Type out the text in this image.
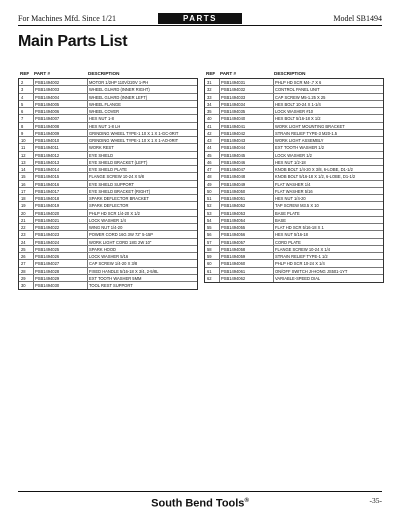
For Machines Mfd. Since 1/21	PARTS	Model SB1494
Main Parts List
REF PART #	DESCRIPTION
2	PSB1494002	MOTOR 1/2HP 110V/220V 1-PH
3	PSB1494003	WHEEL GUARD (INNER RIGHT)
4	PSB1494004	WHEEL GUARD (INNER LEFT)
5	PSB1494005	WHEEL FLANGE
6	PSB1494006	WHEEL COVER
7	PSB1494007	HEX NUT 1-8
8	PSB1494008	HEX NUT 1-8 LH
9	PSB1494009	GRINDING WHEEL TYPE-1 10 X 1 X 1-GC-0RIT
10 PSB1494010	GRINDING WHEEL TYPE-1 10 X 1 X 1-AO-0RIT
11 PSB1494011	WORK REST
12 PSB1494012	EYE SHIELD
13 PSB1494013	EYE SHIELD BRACKET (LEFT)
14 PSB1494014	EYE SHIELD PLATE
15 PSB1494015	FLANGE SCREW 10-24 X 5/8
16 PSB1494016	EYE SHIELD SUPPORT
17 PSB1494017	EYE SHIELD BRACKET (RIGHT)
18 PSB1494018	SPARK DEFLECTOR BRACKET
19 PSB1494019	SPARK DEFLECTOR
20 PSB1494020	PHLP HD SCR 1/4-20 X 1/2
21 PSB1494021	LOCK WASHER 1/4
22 PSB1494022	WING NUT 1/4-20
23 PSB1494023	POWER CORD 16G 3W 72" 5-15P
24 PSB1494024	WORK LIGHT CORD 18G 2W 10"
25 PSB1494025	SPARK HOOD
26 PSB1494026	LOCK WASHER 5/16
27 PSB1494027	CAP SCREW 1/4-20 X 3/8
28 PSB1494028	FIXED HANDLE 5/16-18 X 3/4, 2-5/8L
29 PSB1494029	EXT TOOTH WASHER 5MM
30 PSB1494030	TOOL REST SUPPORT
REF PART #	DESCRIPTION
31 PSB1494031	PHLP HD SCR M4-.7 X 6
32 PSB1494032	CONTROL PANEL UNIT
33 PSB1494033	CAP SCREW M5-1.25 X 25
34 PSB1494034	HEX BOLT 10-24 X 1-1/4
35 PSB1494035	LOCK WASHER #10
40 PSB1494040	HEX BOLT 5/16-18 X 1/2
41 PSB1494041	WORK LIGHT MOUNTING BRACKET
42 PSB1494042	STRAIN RELIEF TYPE-3 M20-1.5
43 PSB1494043	WORK LIGHT ASSEMBLY
44 PSB1494044	EXT TOOTH WASHER 1/2
45 PSB1494045	LOCK WASHER 1/2
46 PSB1494046	HEX NUT 1/2-18
47 PSB1494047	KNOB BOLT 1/4-20 X 3/8, 6-LOBE, D1-1/2
48 PSB1494048	KNOB BOLT 5/16-18 X 1/2, 6-LOBE, D1-1/2
49 PSB1494049	FLAT WASHER 1/4
50 PSB1494050	FLAT WASHER 5/16
51 PSB1494051	HEX NUT 1/4-20
52 PSB1494052	TAP SCREW M3.5 X 10
53 PSB1494053	BASE PLATE
54 PSB1494054	BASE
55 PSB1494055	FLAT HD SCR 5/16-18 X 1
56 PSB1494056	HEX NUT 5/16-18
57 PSB1494057	CORD PLATE
58 PSB1494058	FLANGE SCREW 10-24 X 1/4
59 PSB1494059	STRAIN RELIEF TYPE-1 1/2
60 PSB1494060	PHLP HD SCR 10-24 X 1/4
61 PSB1494061	ON/OFF SWITCH JI-HONG JS501-1YT
62 PSB1494062	VARIABLE-SPEED DIAL
South Bend Tools®	-35-
